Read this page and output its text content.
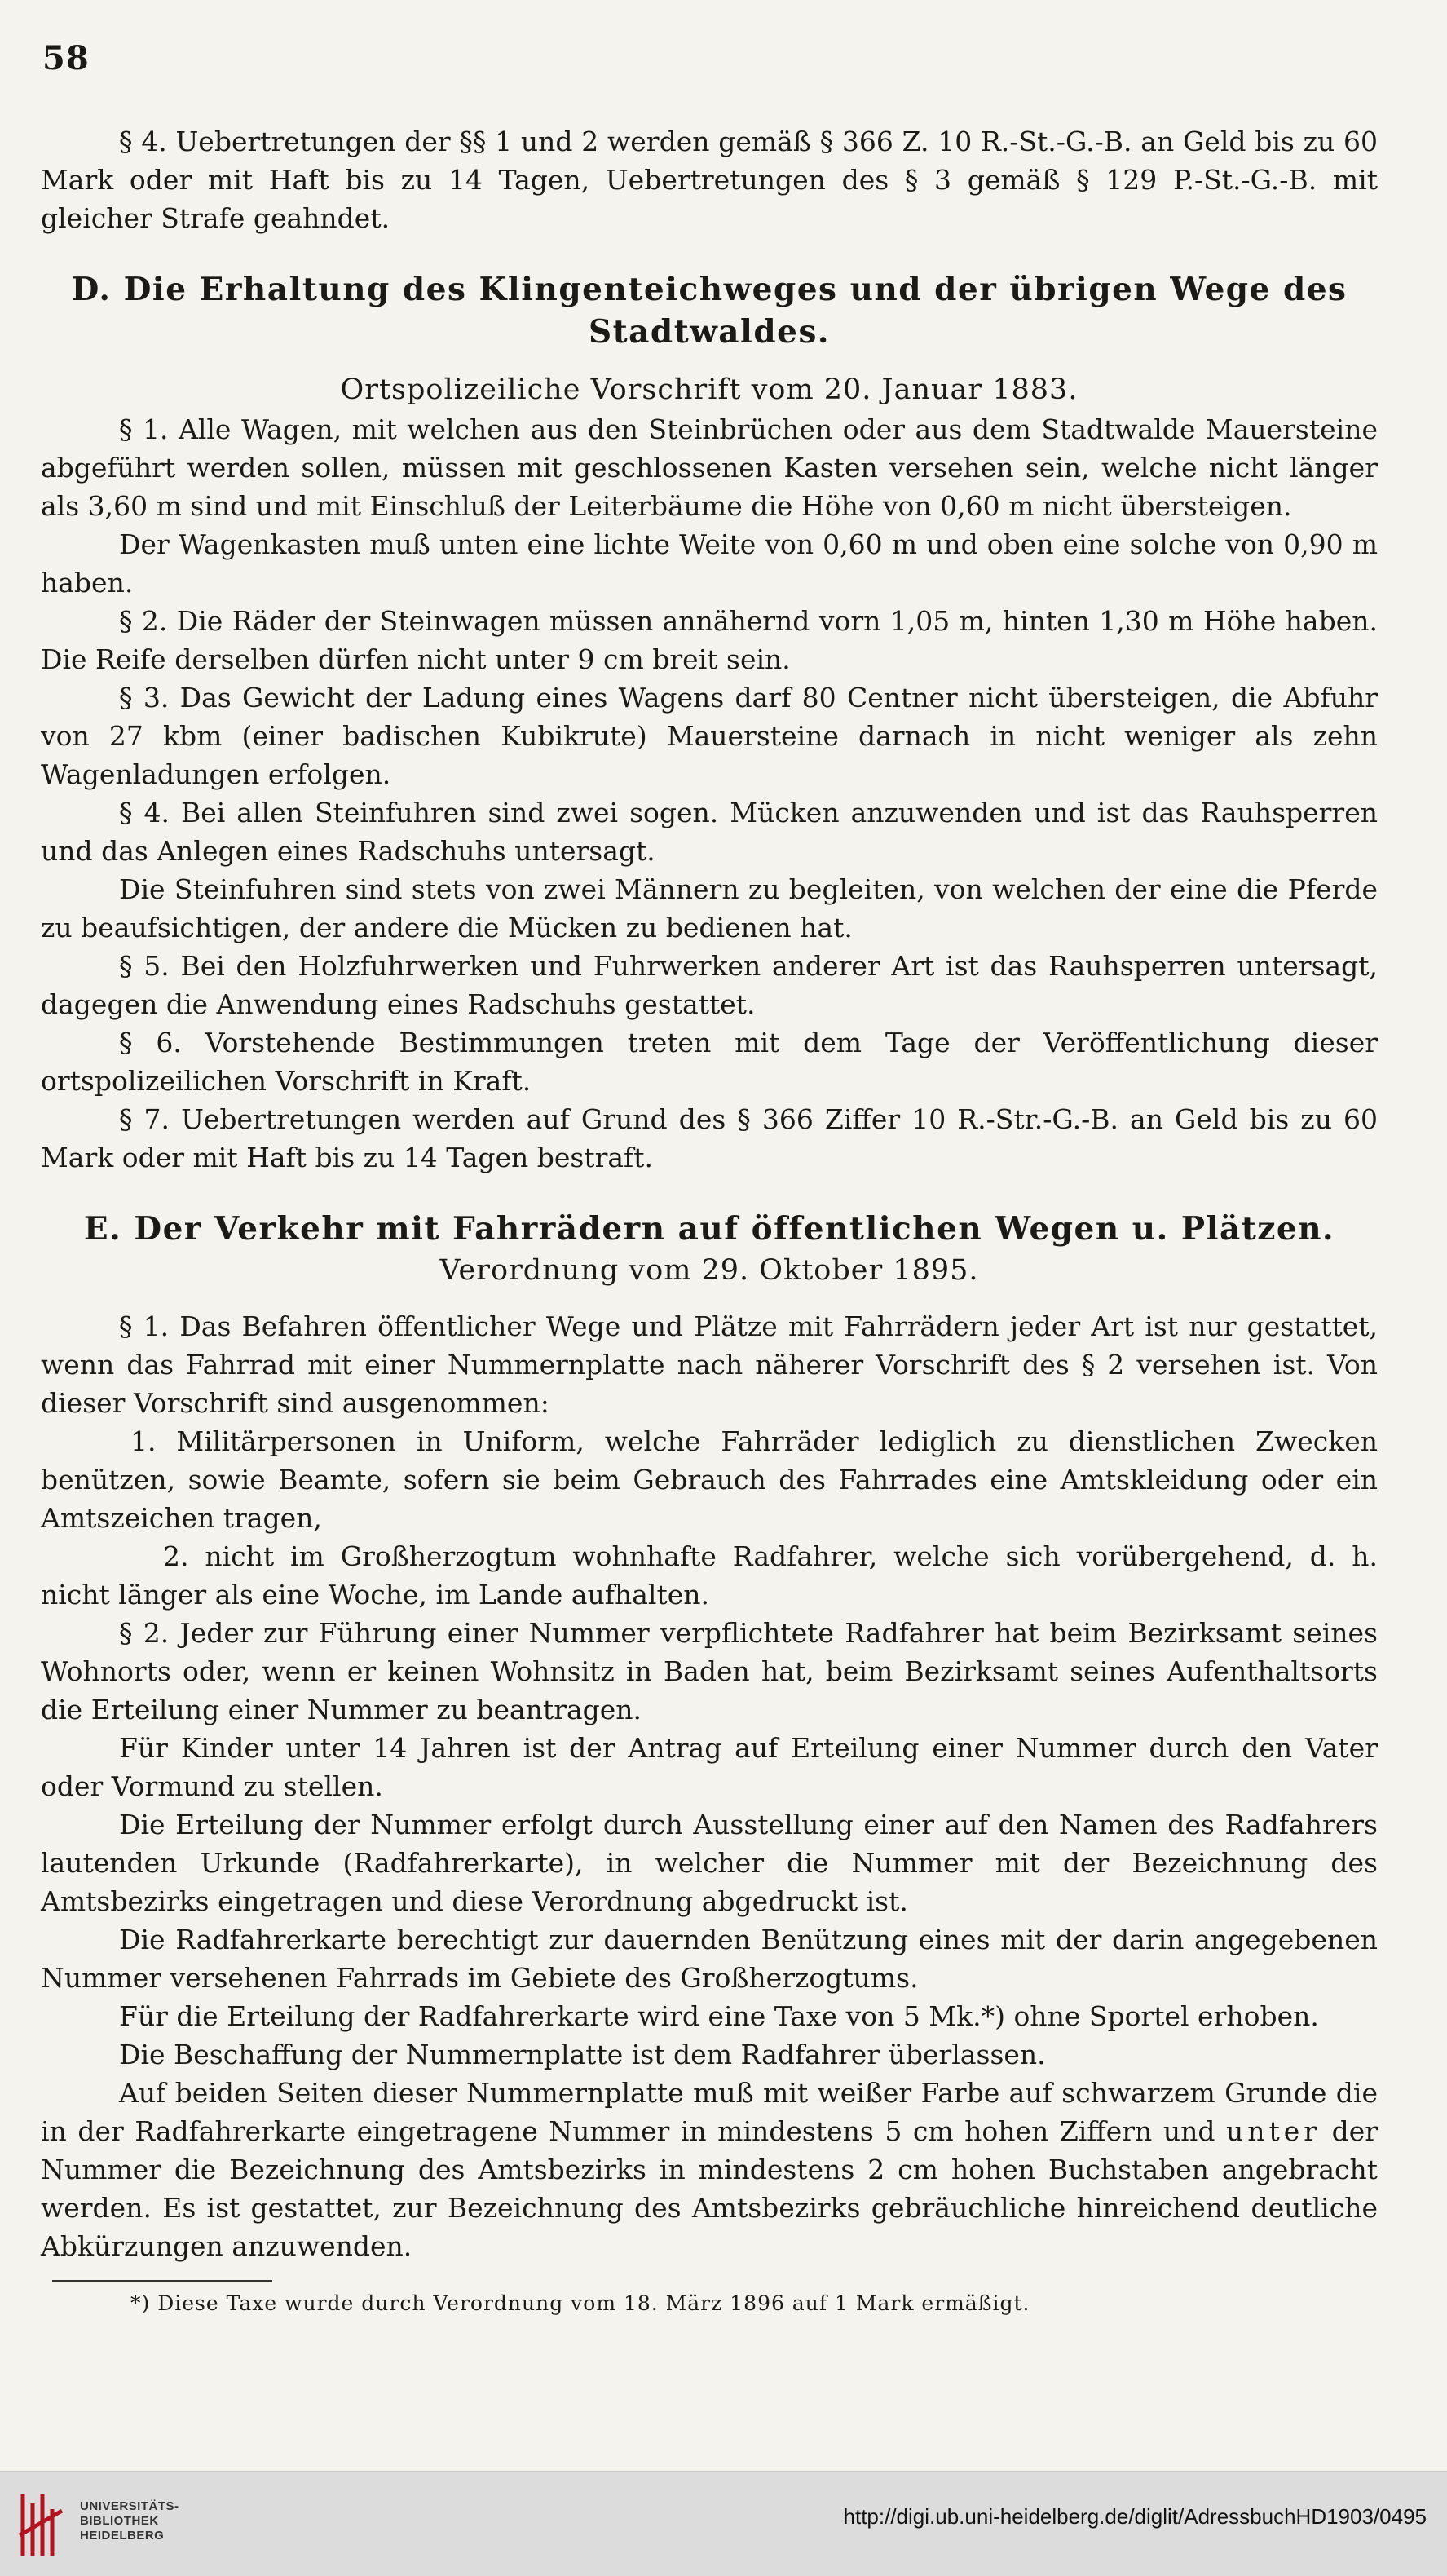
58

§ 4. Uebertretungen der §§ 1 und 2 werden gemäß § 366 Z. 10 R.-St.-G.-B. an Geld bis zu 60 Mark oder mit Haft bis zu 14 Tagen, Uebertretungen des § 3 gemäß § 129 P.-St.-G.-B. mit gleicher Strafe geahndet.

D. Die Erhaltung des Klingenteichweges und der übrigen Wege des Stadtwaldes.
Ortspolizeiliche Vorschrift vom 20. Januar 1883.

§ 1. Alle Wagen, mit welchen aus den Steinbrüchen oder aus dem Stadtwalde Mauersteine abgeführt werden sollen, müssen mit geschlossenen Kasten versehen sein, welche nicht länger als 3,60 m sind und mit Einschluß der Leiterbäume die Höhe von 0,60 m nicht übersteigen.

Der Wagenkasten muß unten eine lichte Weite von 0,60 m und oben eine solche von 0,90 m haben.

§ 2. Die Räder der Steinwagen müssen annähernd vorn 1,05 m, hinten 1,30 m Höhe haben. Die Reife derselben dürfen nicht unter 9 cm breit sein.

§ 3. Das Gewicht der Ladung eines Wagens darf 80 Centner nicht übersteigen, die Abfuhr von 27 kbm (einer badischen Kubikrute) Mauersteine darnach in nicht weniger als zehn Wagenladungen erfolgen.

§ 4. Bei allen Steinfuhren sind zwei sogen. Mücken anzuwenden und ist das Rauhsperren und das Anlegen eines Radschuhs untersagt.

Die Steinfuhren sind stets von zwei Männern zu begleiten, von welchen der eine die Pferde zu beaufsichtigen, der andere die Mücken zu bedienen hat.

§ 5. Bei den Holzfuhrwerken und Fuhrwerken anderer Art ist das Rauhsperren untersagt, dagegen die Anwendung eines Radschuhs gestattet.

§ 6. Vorstehende Bestimmungen treten mit dem Tage der Veröffentlichung dieser ortspolizeilichen Vorschrift in Kraft.

§ 7. Uebertretungen werden auf Grund des § 366 Ziffer 10 R.-Str.-G.-B. an Geld bis zu 60 Mark oder mit Haft bis zu 14 Tagen bestraft.

E. Der Verkehr mit Fahrrädern auf öffentlichen Wegen u. Plätzen.
Verordnung vom 29. Oktober 1895.

§ 1. Das Befahren öffentlicher Wege und Plätze mit Fahrrädern jeder Art ist nur gestattet, wenn das Fahrrad mit einer Nummernplatte nach näherer Vorschrift des § 2 versehen ist. Von dieser Vorschrift sind ausgenommen:

1. Militärpersonen in Uniform, welche Fahrräder lediglich zu dienstlichen Zwecken benützen, sowie Beamte, sofern sie beim Gebrauch des Fahrrades eine Amtskleidung oder ein Amtszeichen tragen,

2. nicht im Großherzogtum wohnhafte Radfahrer, welche sich vorübergehend, d. h. nicht länger als eine Woche, im Lande aufhalten.

§ 2. Jeder zur Führung einer Nummer verpflichtete Radfahrer hat beim Bezirksamt seines Wohnorts oder, wenn er keinen Wohnsitz in Baden hat, beim Bezirksamt seines Aufenthaltsorts die Erteilung einer Nummer zu beantragen.

Für Kinder unter 14 Jahren ist der Antrag auf Erteilung einer Nummer durch den Vater oder Vormund zu stellen.

Die Erteilung der Nummer erfolgt durch Ausstellung einer auf den Namen des Radfahrers lautenden Urkunde (Radfahrerkarte), in welcher die Nummer mit der Bezeichnung des Amtsbezirks eingetragen und diese Verordnung abgedruckt ist.

Die Radfahrerkarte berechtigt zur dauernden Benützung eines mit der darin angegebenen Nummer versehenen Fahrrads im Gebiete des Großherzogtums.

Für die Erteilung der Radfahrerkarte wird eine Taxe von 5 Mk.*) ohne Sportel erhoben.

Die Beschaffung der Nummernplatte ist dem Radfahrer überlassen.

Auf beiden Seiten dieser Nummernplatte muß mit weißer Farbe auf schwarzem Grunde die in der Radfahrerkarte eingetragene Nummer in mindestens 5 cm hohen Ziffern und unter der Nummer die Bezeichnung des Amtsbezirks in mindestens 2 cm hohen Buchstaben angebracht werden. Es ist gestattet, zur Bezeichnung des Amtsbezirks gebräuchliche hinreichend deutliche Abkürzungen anzuwenden.

*) Diese Taxe wurde durch Verordnung vom 18. März 1896 auf 1 Mark ermäßigt.

UNIVERSITÄTS-
BIBLIOTHEK
HEIDELBERG
http://digi.ub.uni-heidelberg.de/diglit/AdressbuchHD1903/0495
